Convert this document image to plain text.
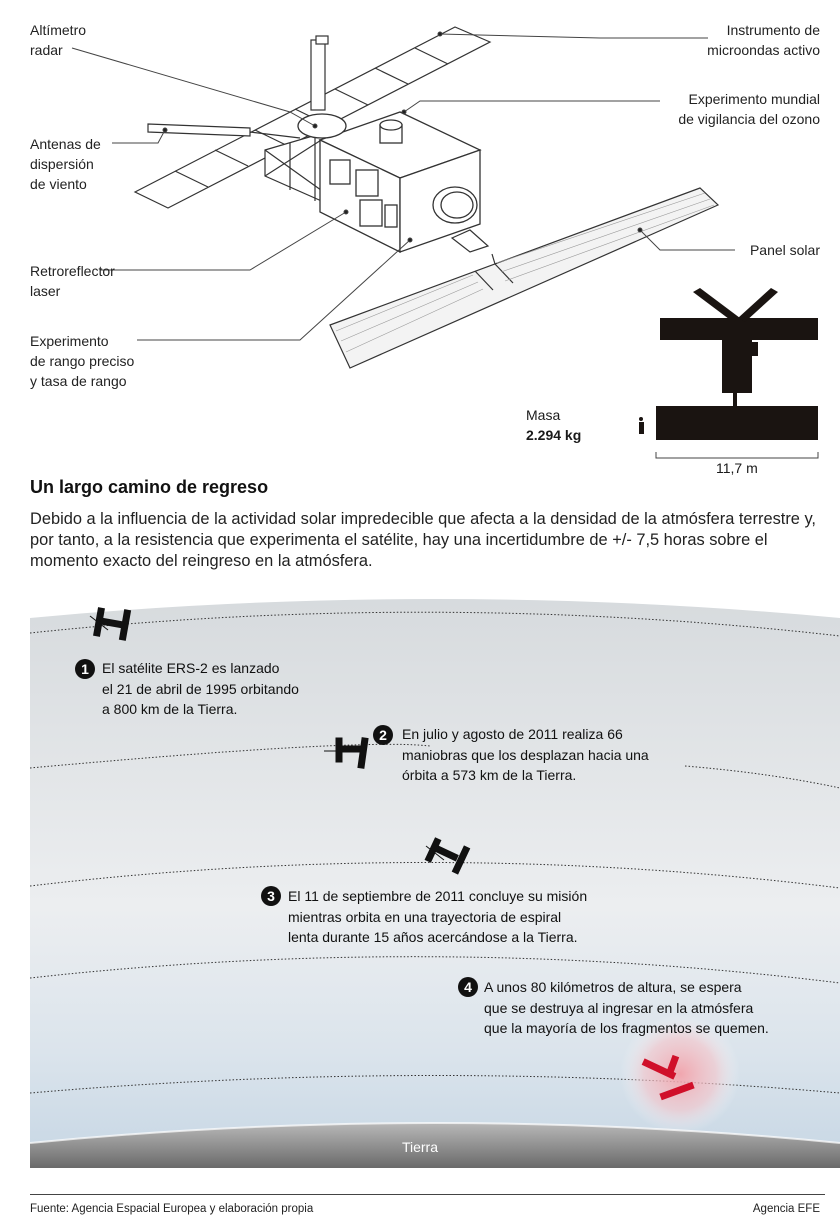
Altímetro
radar
Antenas de
dispersión
de viento
Retroreflector
laser
Experimento
de rango preciso
y tasa de rango
Instrumento de
microondas activo
Experimento mundial
de vigilancia del ozono
Panel solar
Masa
2.294 kg
11,7 m
Un largo camino de regreso
Debido a la influencia de la actividad solar impredecible que afecta a la densidad de la atmósfera terrestre y, por tanto, a la resistencia que experimenta el satélite, hay una incertidumbre de +/- 7,5 horas sobre el momento exacto del reingreso en la atmósfera.
1 El satélite ERS-2 es lanzado
el 21 de abril de 1995 orbitando
a 800 km de la Tierra.
2	En julio y agosto de 2011 realiza 66
maniobras que los desplazan hacia una
órbita a 573 km de la Tierra.
3 El 11 de septiembre de 2011 concluye su misión
mientras orbita en una trayectoria de espiral
lenta durante 15 años acercándose a la Tierra.
4 A unos 80 kilómetros de altura, se espera
que se destruya al ingresar en la atmósfera
que la mayoría de los fragmentos se quemen.
Tierra
Fuente: Agencia Espacial Europea y elaboración propia	Agencia EFE
